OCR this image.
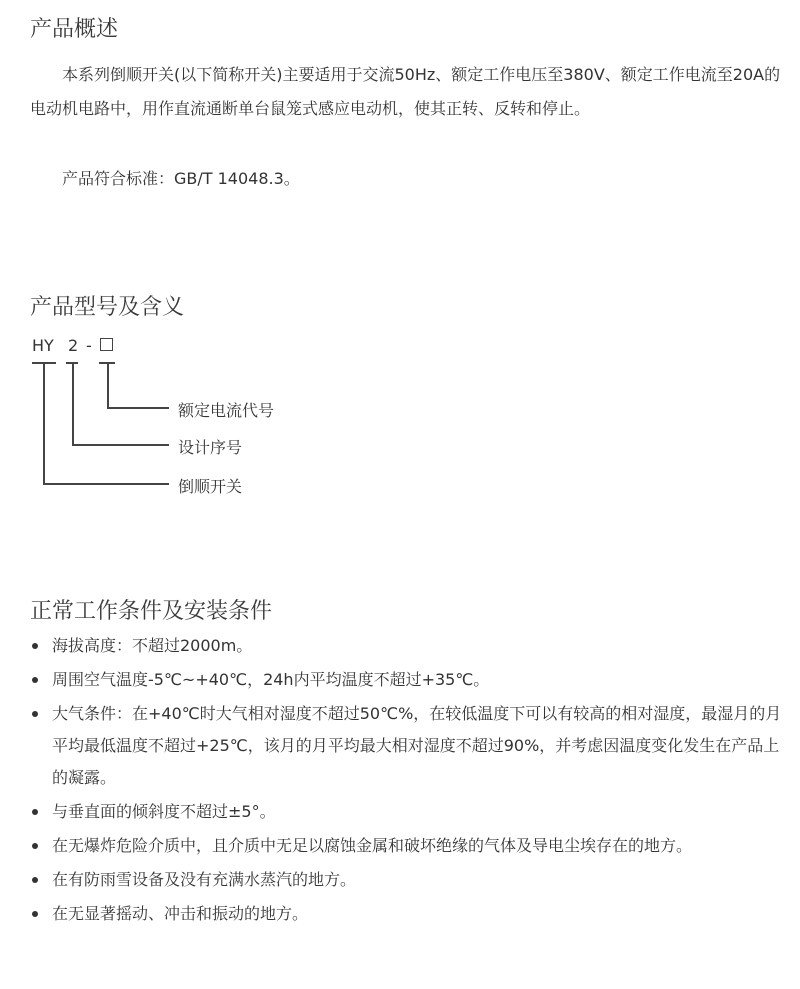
产品概述

本系列倒顺开关(以下简称开关)主要适用于交流50Hz、额定工作电压至380V、额定工作电流至20A的电动机电路中，用作直流通断单台鼠笼式感应电动机，使其正转、反转和停止。

产品符合标准：GB/T 14048.3。

产品型号及含义
HY 2 -
额定电流代号
设计序号
倒顺开关
正常工作条件及安装条件
海拔高度：不超过2000m。
周围空气温度-5℃~+40℃，24h内平均温度不超过+35℃。
大气条件：在+40℃时大气相对湿度不超过50℃%，在较低温度下可以有较高的相对湿度，最湿月的月平均最低温度不超过+25℃，该月的月平均最大相对湿度不超过90%，并考虑因温度变化发生在产品上的凝露。
与垂直面的倾斜度不超过±5°。
在无爆炸危险介质中，且介质中无足以腐蚀金属和破坏绝缘的气体及导电尘埃存在的地方。
在有防雨雪设备及没有充满水蒸汽的地方。
在无显著摇动、冲击和振动的地方。
